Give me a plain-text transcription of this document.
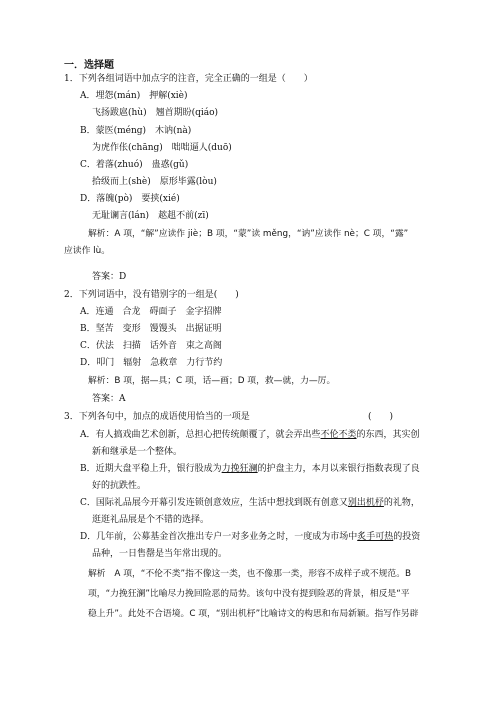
一．选择题
1．下列各组词语中加点字的注音，完全正确的一组是（　　）
A．埋怨(mán)　押解(xiè)
飞扬跋扈(hù)　翘首期盼(qiáo)
B．蒙医(méng)　木讷(nà)
为虎作伥(chāng)　咄咄逼人(duō)
C．着落(zhuó)　蛊惑(gǔ)
拾级而上(shè)　原形毕露(lòu)
D．落魄(pò)　要挟(xié)
无耻谰言(lán)　趑趄不前(zī)
解析：A 项，“解”应读作 jiè；B 项，“蒙”读 měng，“讷”应读作 nè；C 项，“露”
应读作 lù。
答案：D
2．下列词语中，没有错别字的一组是(　　)
A．连通　合龙　碍面子　金字招牌
B．坚苦　变形　馒馒头　出据证明
C．伏法　扫描　话外音　束之高阁
D．叩门　辐射　急救章　力行节约
解析：B 项，据—具；C 项，话—画；D 项，救—就，力—厉。
答案：A
3．下列各句中，加点的成语使用恰当的一项是	(　　)
A．有人搞戏曲艺术创新，总担心把传统颠覆了，就会弄出些不伦不类的东西，其实创
新和继承是一个整体。
B．近期大盘平稳上升，银行股成为力挽狂澜的护盘主力，本月以来银行指数表现了良
好的抗跌性。
C．国际礼品展今开幕引发连锁创意效应，生活中想找到既有创意又别出机杼的礼物，
逛逛礼品展是个不错的选择。
D．几年前，公募基金首次推出专户一对多业务之时，一度成为市场中炙手可热的投资
品种，一日售罄是当年常出现的。
解析　A 项，“不伦不类”指不像这一类，也不像那一类，形容不成样子或不规范。B
项，“力挽狂澜”比喻尽力挽回险恶的局势。该句中没有提到险恶的背景，相反是“平
稳上升”。此处不合语境。C 项，“别出机杼”比喻诗文的构思和布局新颖。指写作另辟
